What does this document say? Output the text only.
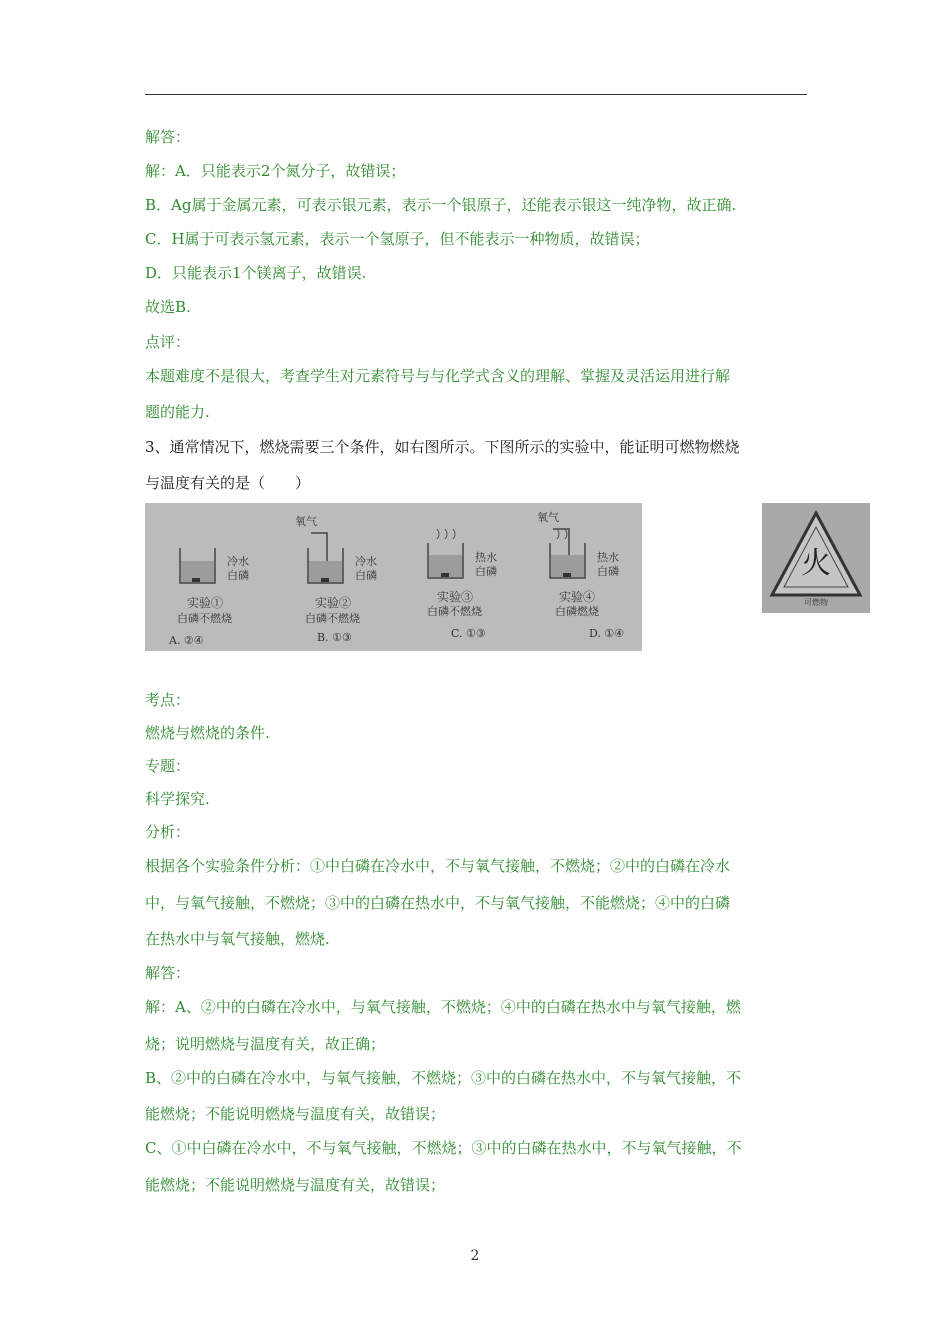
解答：
解：A．只能表示2个氮分子，故错误；
B．Ag属于金属元素，可表示银元素，表示一个银原子，还能表示银这一纯净物，故正确.
C．H属于可表示氢元素，表示一个氢原子，但不能表示一种物质，故错误；
D．只能表示1个镁离子，故错误.
故选B.
点评：
本题难度不是很大，考查学生对元素符号与与化学式含义的理解、掌握及灵活运用进行解
题的能力.
3、通常情况下，燃烧需要三个条件，如右图所示。下图所示的实验中，能证明可燃物燃烧
与温度有关的是（　　）
考点：
燃烧与燃烧的条件.
专题：
科学探究.
分析：
根据各个实验条件分析：①中白磷在冷水中，不与氧气接触，不燃烧；②中的白磷在冷水
中，与氧气接触，不燃烧；③中的白磷在热水中，不与氧气接触，不能燃烧；④中的白磷
在热水中与氧气接触，燃烧.
解答：
解：A、②中的白磷在冷水中，与氧气接触，不燃烧；④中的白磷在热水中与氧气接触，燃
烧；说明燃烧与温度有关，故正确；
B、②中的白磷在冷水中，与氧气接触，不燃烧；③中的白磷在热水中，不与氧气接触，不
能燃烧；不能说明燃烧与温度有关，故错误；
C、①中白磷在冷水中，不与氧气接触，不燃烧；③中的白磷在热水中，不与氧气接触，不
能燃烧；不能说明燃烧与温度有关，故错误；
冷水
白磷
实验①
白磷不燃烧
A. ②④
氧气
冷水
白磷
实验②
白磷不燃烧
B. ①③
热水
白磷
实验③
白磷不燃烧
C. ①③
氧气
热水
白磷
实验④
白磷燃烧
D. ①④
火
可燃物
2
